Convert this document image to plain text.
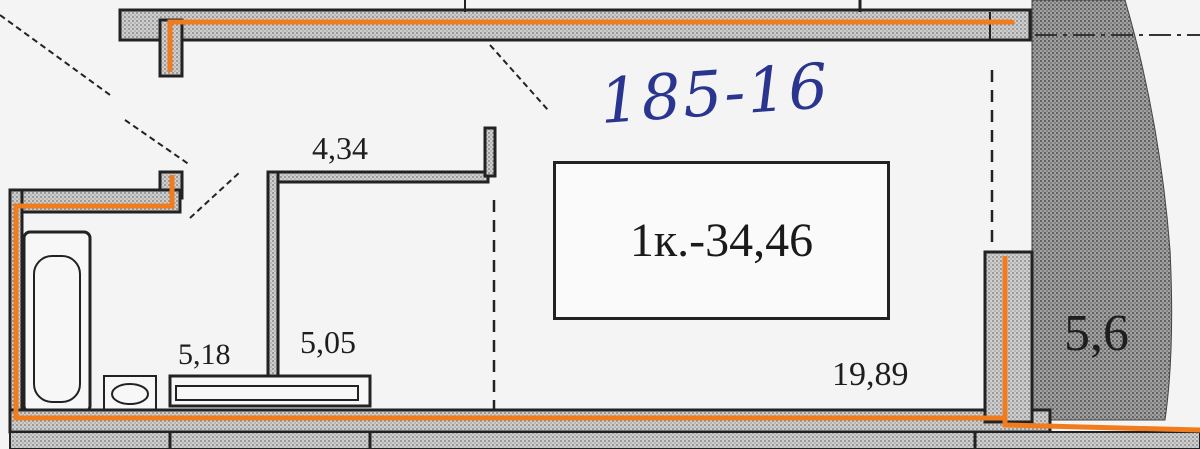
185-16
1к.-34,46
4,34
5,18 5,05
19,89
5,6
